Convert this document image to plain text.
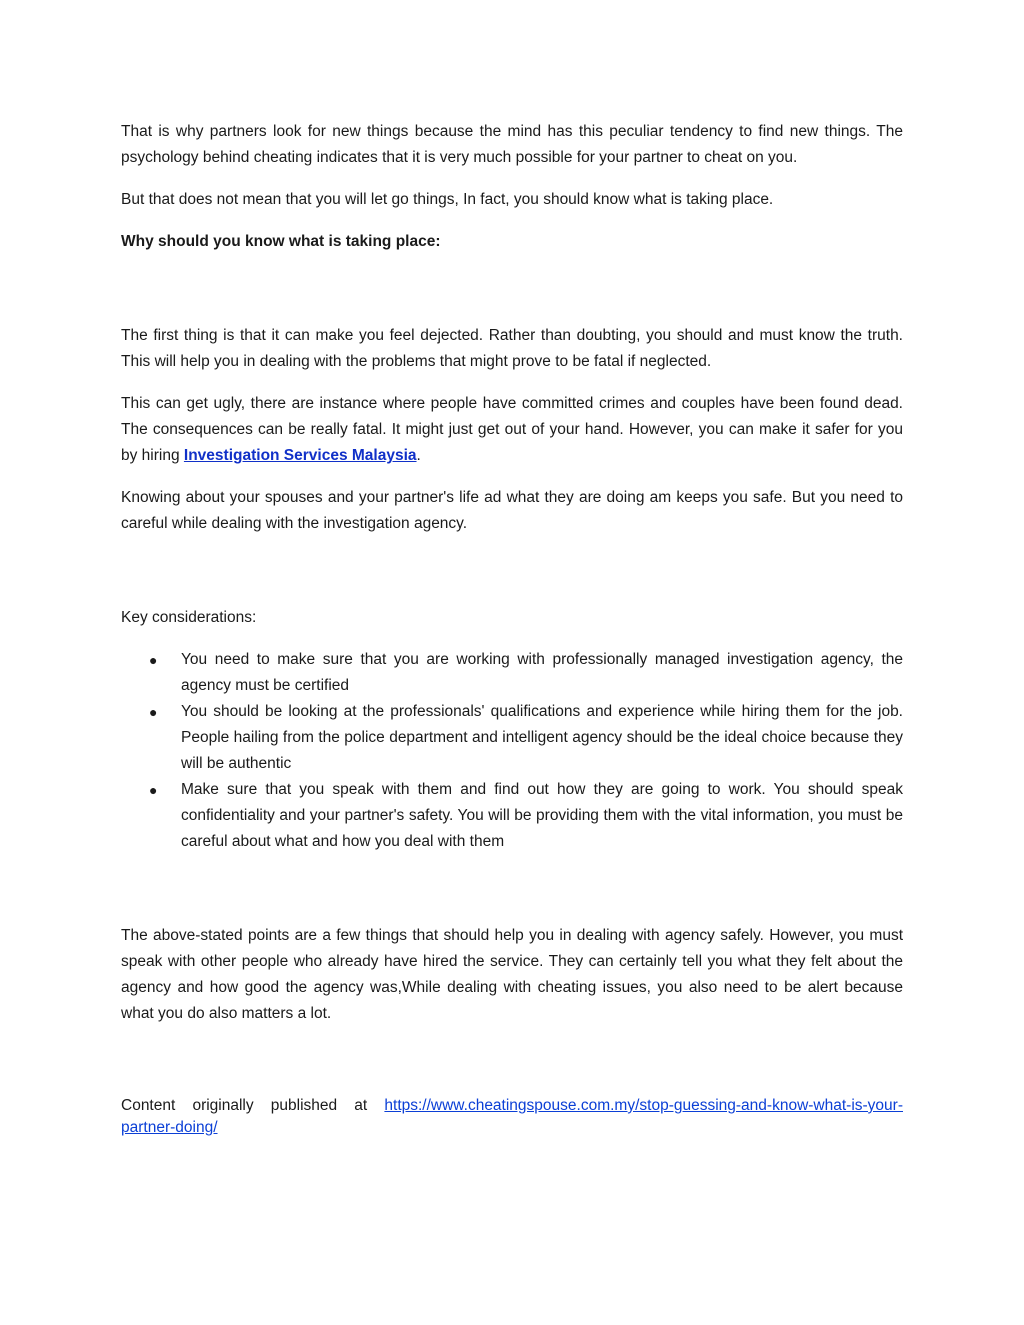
That is why partners look for new things because the mind has this peculiar tendency to find new things. The psychology behind cheating indicates that it is very much possible for your partner to cheat on you.

But that does not mean that you will let go things, In fact, you should know what is taking place.

Why should you know what is taking place:

The first thing is that it can make you feel dejected. Rather than doubting, you should and must know the truth. This will help you in dealing with the problems that might prove to be fatal if neglected.

This can get ugly, there are instance where people have committed crimes and couples have been found dead. The consequences can be really fatal. It might just get out of your hand. However, you can make it safer for you by hiring Investigation Services Malaysia.

Knowing about your spouses and your partner's life ad what they are doing am keeps you safe. But you need to careful while dealing with the investigation agency.

Key considerations:

● You need to make sure that you are working with professionally managed investigation agency, the agency must be certified
● You should be looking at the professionals' qualifications and experience while hiring them for the job. People hailing from the police department and intelligent agency should be the ideal choice because they will be authentic
● Make sure that you speak with them and find out how they are going to work. You should speak confidentiality and your partner's safety. You will be providing them with the vital information, you must be careful about what and how you deal with them

The above-stated points are a few things that should help you in dealing with agency safely. However, you must speak with other people who already have hired the service. They can certainly tell you what they felt about the agency and how good the agency was,While dealing with cheating issues, you also need to be alert because what you do also matters a lot.

Content originally published at https://www.cheatingspouse.com.my/stop-guessing-and-know-what-is-your-partner-doing/
